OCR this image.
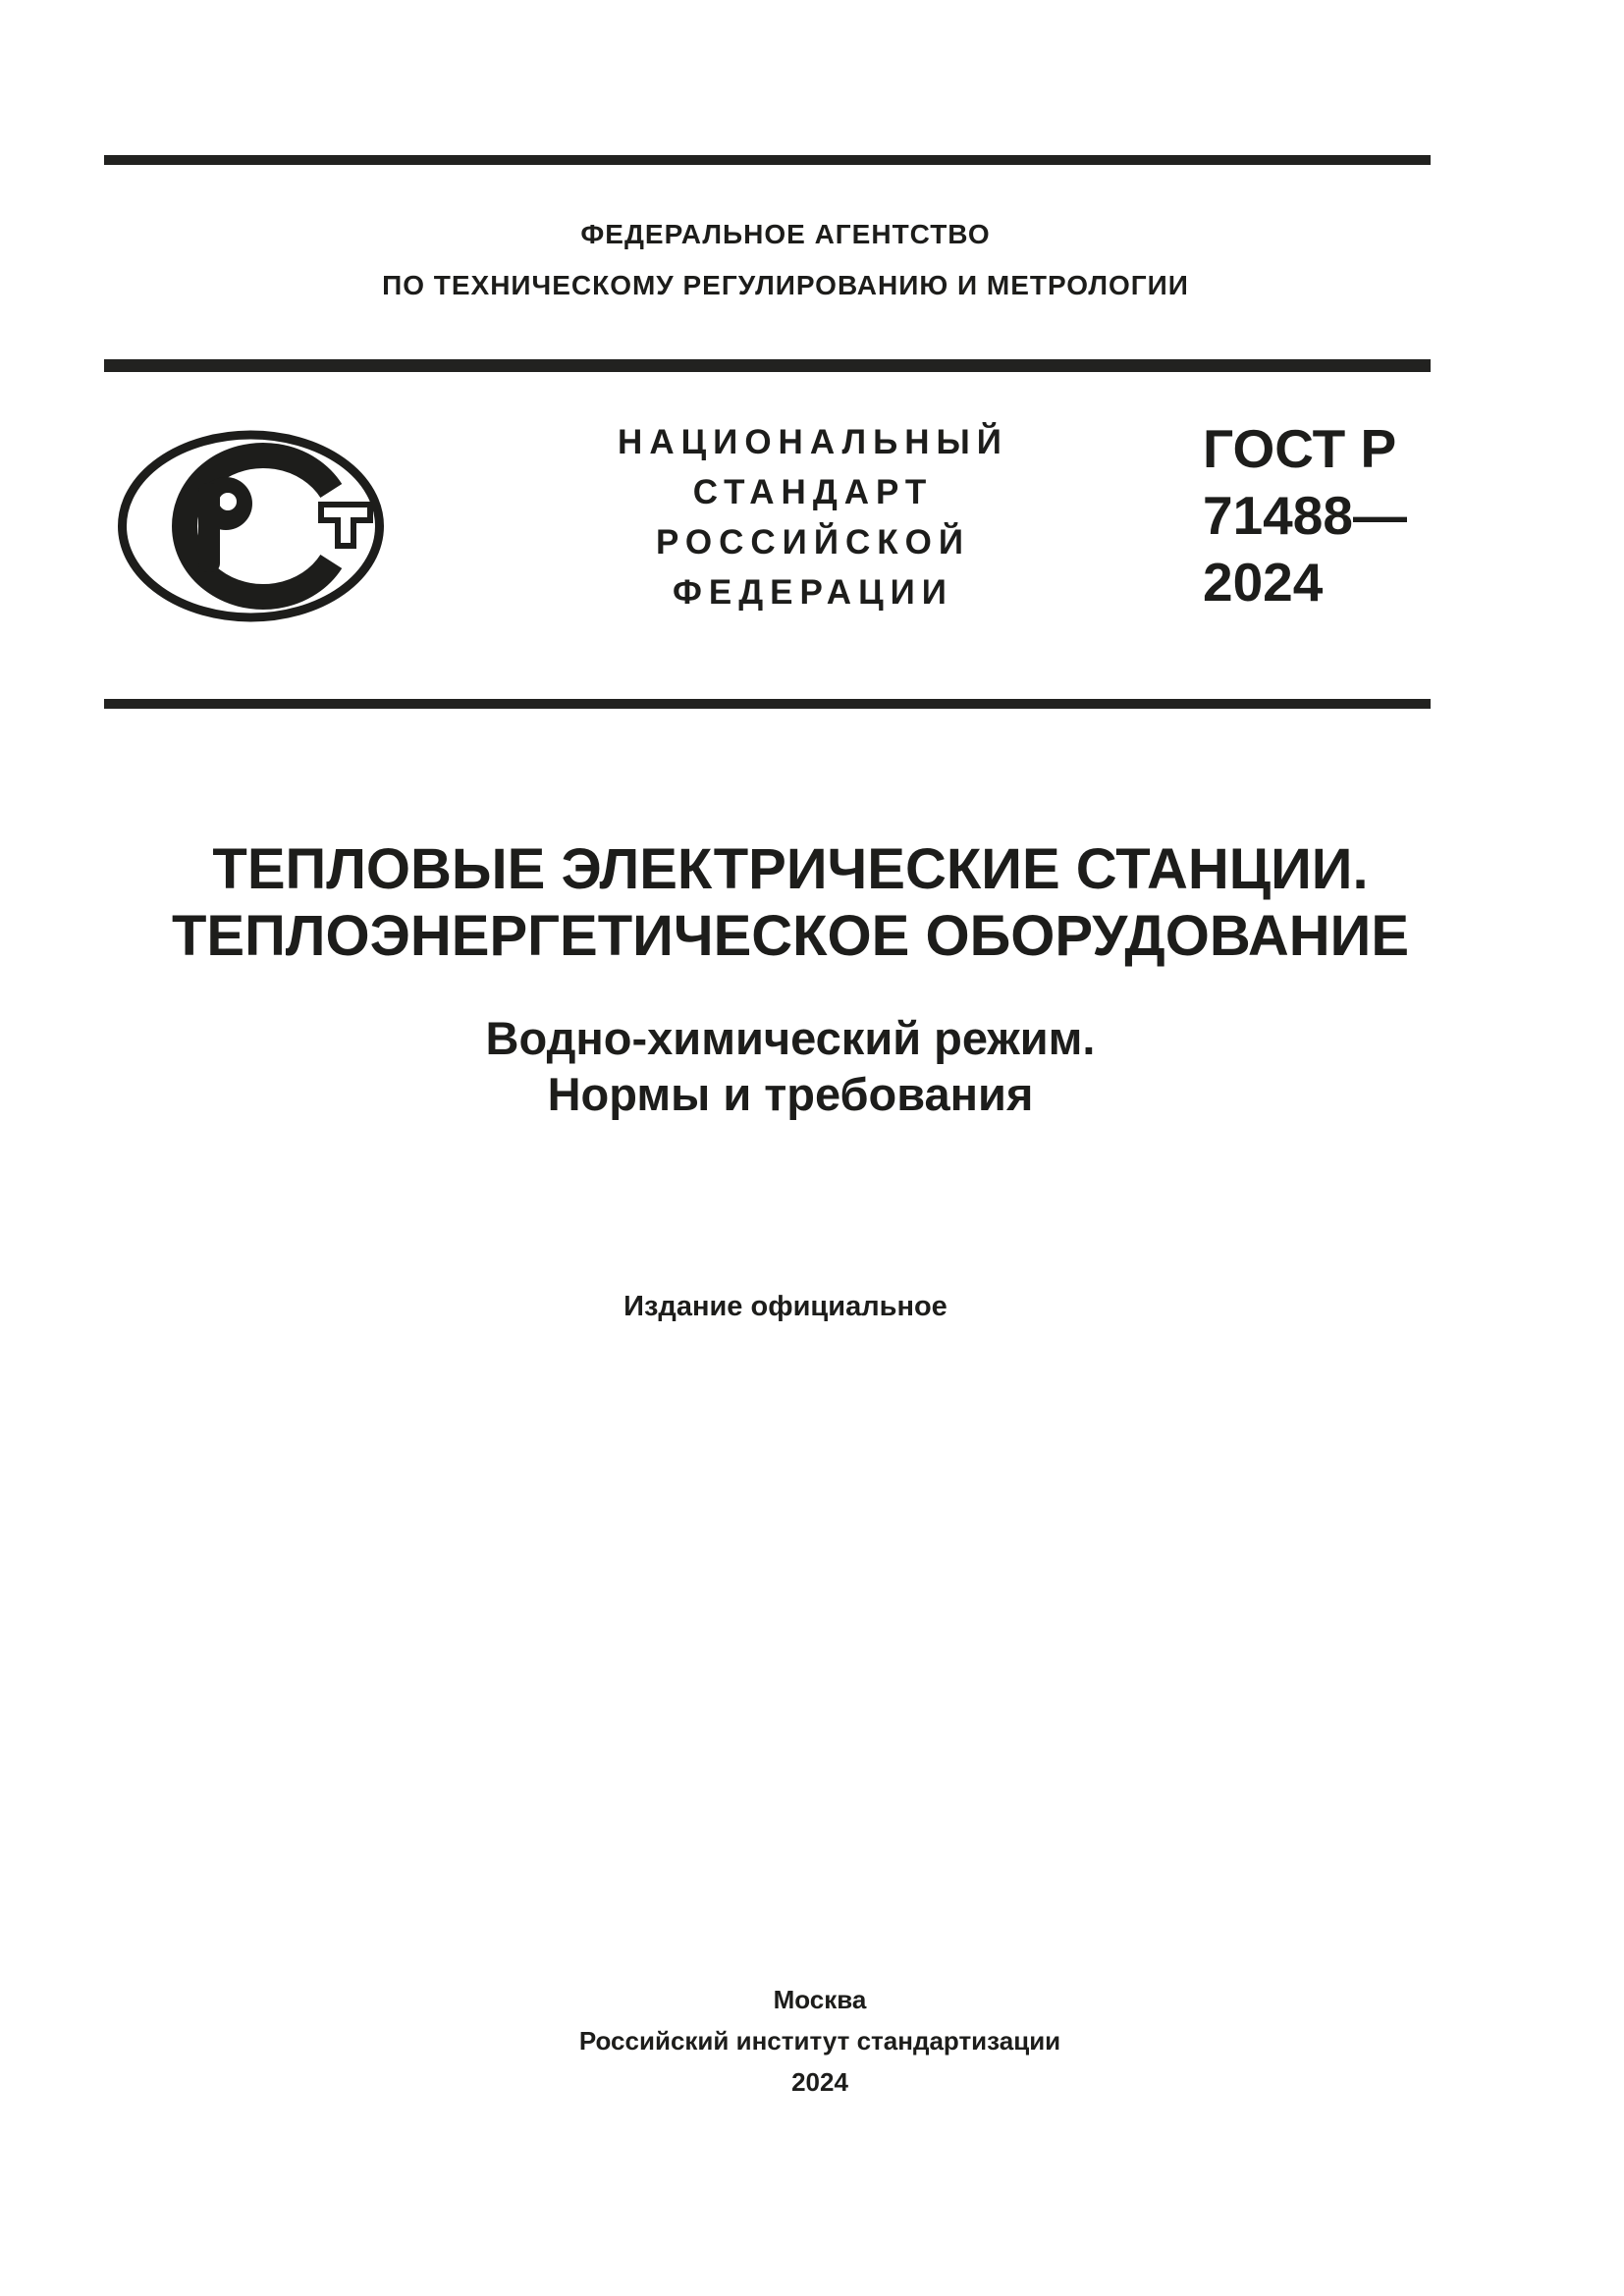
ФЕДЕРАЛЬНОЕ АГЕНТСТВО
ПО ТЕХНИЧЕСКОМУ РЕГУЛИРОВАНИЮ И МЕТРОЛОГИИ
НАЦИОНАЛЬНЫЙ
СТАНДАРТ
РОССИЙСКОЙ
ФЕДЕРАЦИИ
ГОСТ Р
71488—
2024
ТЕПЛОВЫЕ ЭЛЕКТРИЧЕСКИЕ СТАНЦИИ.
ТЕПЛОЭНЕРГЕТИЧЕСКОЕ ОБОРУДОВАНИЕ
Водно-химический режим.
Нормы и требования
Издание официальное
Москва
Российский институт стандартизации
2024
